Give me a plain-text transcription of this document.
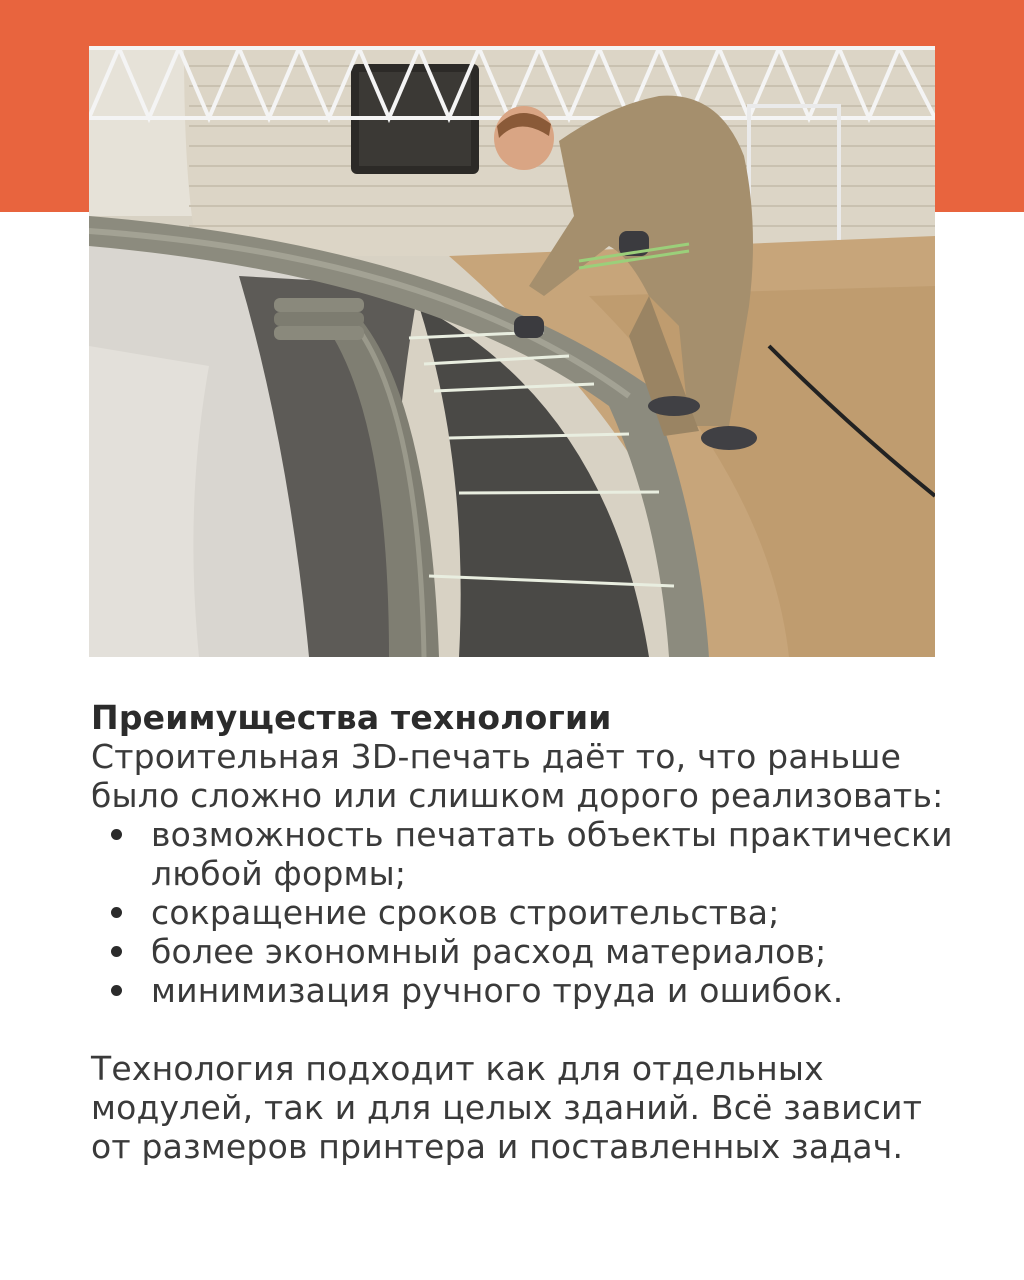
Преимущества технологии

Строительная 3D-печать даёт то, что раньше было сложно или слишком дорого реализовать:

возможность печатать объекты практически любой формы;
сокращение сроков строительства;
более экономный расход материалов;
минимизация ручного труда и ошибок.

Технология подходит как для отдельных модулей, так и для целых зданий. Всё зависит от размеров принтера и поставленных задач.
